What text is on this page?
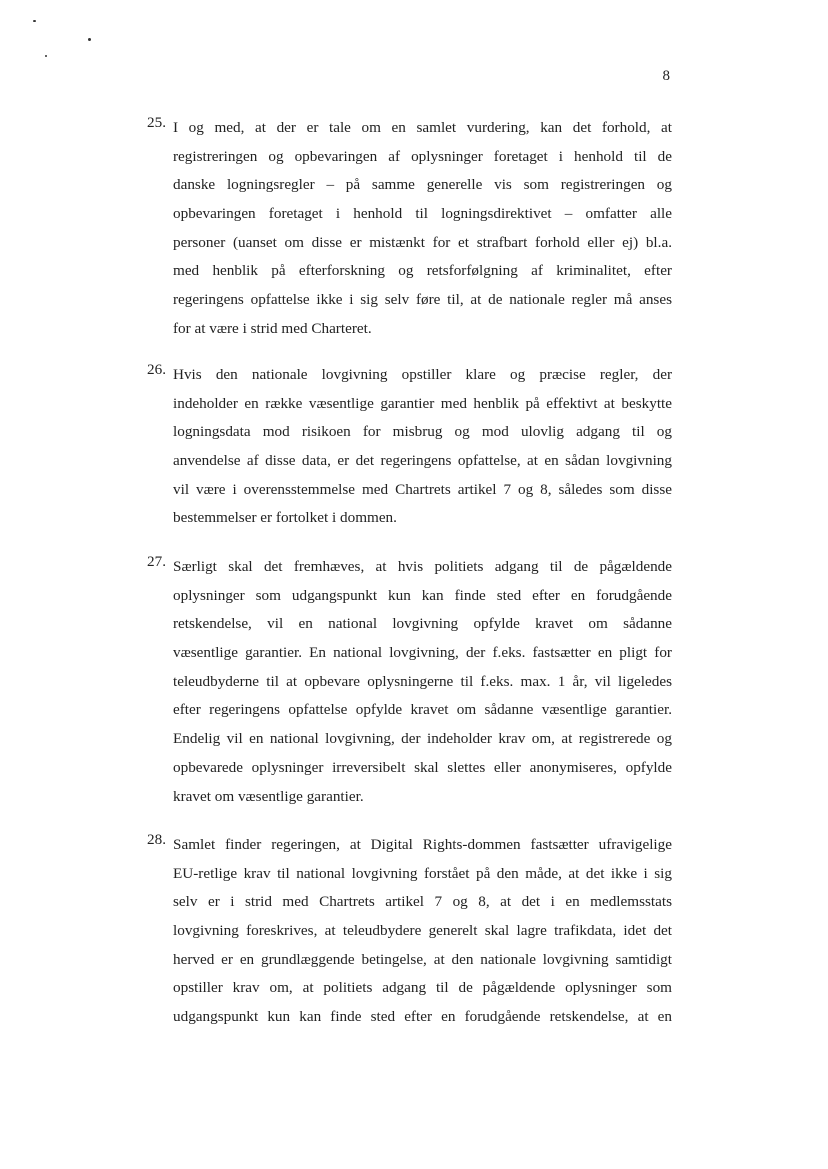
8
25. I og med, at der er tale om en samlet vurdering, kan det forhold, at
registreringen og opbevaringen af oplysninger foretaget i henhold til de
danske logningsregler – på samme generelle vis som registreringen og
opbevaringen foretaget i henhold til logningsdirektivet – omfatter alle
personer (uanset om disse er mistænkt for et strafbart forhold eller ej) bl.a.
med henblik på efterforskning og retsforfølgning af kriminalitet, efter
regeringens opfattelse ikke i sig selv føre til, at de nationale regler må anses
for at være i strid med Charteret.
26. Hvis den nationale lovgivning opstiller klare og præcise regler, der
indeholder en række væsentlige garantier med henblik på effektivt at beskytte
logningsdata mod risikoen for misbrug og mod ulovlig adgang til og
anvendelse af disse data, er det regeringens opfattelse, at en sådan lovgivning
vil være i overensstemmelse med Chartrets artikel 7 og 8, således som disse
bestemmelser er fortolket i dommen.
27. Særligt skal det fremhæves, at hvis politiets adgang til de pågældende
oplysninger som udgangspunkt kun kan finde sted efter en forudgående
retskendelse, vil en national lovgivning opfylde kravet om sådanne
væsentlige garantier. En national lovgivning, der f.eks. fastsætter en pligt for
teleudbyderne til at opbevare oplysningerne til f.eks. max. 1 år, vil ligeledes
efter regeringens opfattelse opfylde kravet om sådanne væsentlige garantier.
Endelig vil en national lovgivning, der indeholder krav om, at registrerede og
opbevarede oplysninger irreversibelt skal slettes eller anonymiseres, opfylde
kravet om væsentlige garantier.
28. Samlet finder regeringen, at Digital Rights-dommen fastsætter ufravigelige
EU-retlige krav til national lovgivning forstået på den måde, at det ikke i sig
selv er i strid med Chartrets artikel 7 og 8, at det i en medlemsstats
lovgivning foreskrives, at teleudbydere generelt skal lagre trafikdata, idet det
herved er en grundlæggende betingelse, at den nationale lovgivning samtidigt
opstiller krav om, at politiets adgang til de pågældende oplysninger som
udgangspunkt kun kan finde sted efter en forudgående retskendelse, at en
